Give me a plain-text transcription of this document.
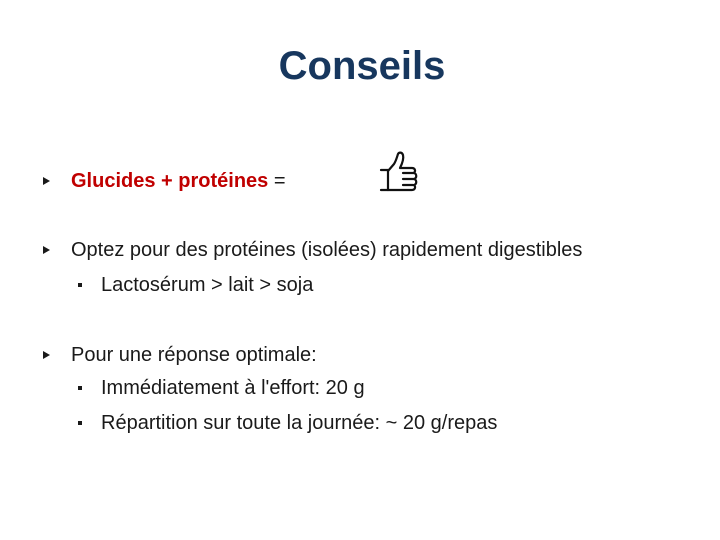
Conseils
Glucides + protéines =
Optez pour des protéines (isolées) rapidement digestibles
Lactosérum > lait > soja
Pour une réponse optimale:
Immédiatement à l'effort: 20 g
Répartition sur toute la journée: ~ 20 g/repas
